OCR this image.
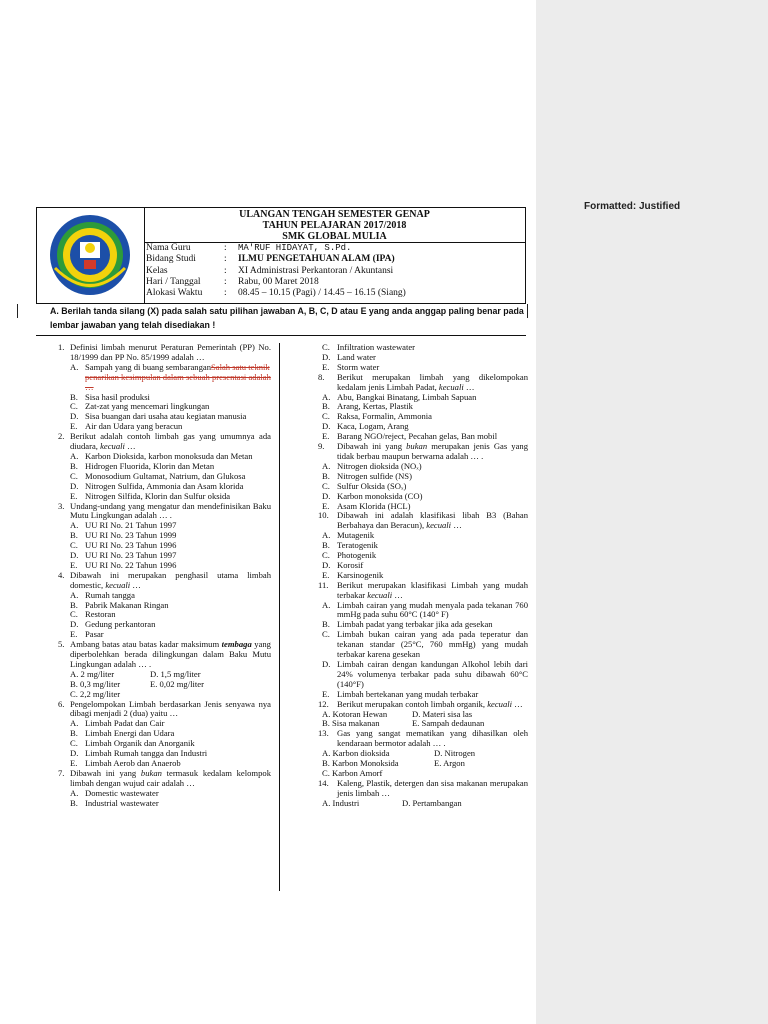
ULANGAN TENGAH SEMESTER GENAP
TAHUN PELAJARAN 2017/2018
SMK GLOBAL MULIA
Nama Guru	: MA'RUF HIDAYAT, S.Pd.
Bidang Studi	: ILMU PENGETAHUAN ALAM (IPA)
Kelas	: XI Administrasi Perkantoran / Akuntansi
Hari / Tanggal : Rabu, 00 Maret 2018
Alokasi Waktu : 08.45 – 10.15 (Pagi) / 14.45 – 16.15 (Siang)
A. Berilah tanda silang (X) pada salah satu pilihan jawaban A, B, C, D atau E yang anda anggap paling benar pada lembar jawaban yang telah disediakan !
1. Definisi limbah menurut Peraturan Pemerintah (PP) No. 18/1999 dan PP No. 85/1999 adalah …
A. Sampah yang di buang sembaranganSalah satu teknik penarikan kesimpulan dalam sebuah presentasi adalah …
B. Sisa hasil produksi
C. Zat-zat yang mencemari lingkungan
D. Sisa buangan dari usaha atau kegiatan manusia
E. Air dan Udara yang beracun
2. Berikut adalah contoh limbah gas yang umumnya ada diudara, kecuali …
A. Karbon Dioksida, karbon monoksuda dan Metan
B. Hidrogen Fluorida, Klorin dan Metan
C. Monosodium Gultamat, Natrium, dan Glukosa
D. Nitrogen Sulfida, Ammonia dan Asam klorida
E. Nitrogen Silfida, Klorin dan Sulfur oksida
3. Undang-undang yang mengatur dan mendefinisikan Baku Mutu Lingkungan adalah … .
A. UU RI No. 21 Tahun 1997
B. UU RI No. 23 Tahun 1999
C. UU RI No. 23 Tahun 1996
D. UU RI No. 23 Tahun 1997
E. UU RI No. 22 Tahun 1996
4. Dibawah ini merupakan penghasil utama limbah domestic, kecuali …
A. Rumah tangga
B. Pabrik Makanan Ringan
C. Restoran
D. Gedung perkantoran
E. Pasar
5. Ambang batas atau batas kadar maksimum tembaga yang diperbolehkan berada dilingkungan dalam Baku Mutu Lingkungan adalah … .
A. 2 mg/liter	D. 1,5 mg/liter
B. 0,3 mg/liter	E. 0,02 mg/liter
C. 2,2 mg/liter
6. Pengelompokan Limbah berdasarkan Jenis senyawa nya dibagi menjadi 2 (dua) yaitu …
A. Limbah Padat dan Cair
B. Limbah Energi dan Udara
C. Limbah Organik dan Anorganik
D. Limbah Rumah tangga dan Industri
E. Limbah Aerob dan Anaerob
7. Dibawah ini yang bukan termasuk kedalam kelompok limbah dengan wujud cair adalah …
A. Domestic wastewater
B. Industrial wastewater
C. Infiltration wastewater
D. Land water
E. Storm water
8. Berikut merupakan limbah yang dikelompokan kedalam jenis Limbah Padat, kecuali …
A. Abu, Bangkai Binatang, Limbah Sapuan
B. Arang, Kertas, Plastik
C. Raksa, Formalin, Ammonia
D. Kaca, Logam, Arang
E. Barang NGO/reject, Pecahan gelas, Ban mobil
9. Dibawah ini yang bukan merupakan jenis Gas yang tidak berbau maupun berwarna adalah … .
A. Nitrogen dioksida (NOₓ)
B. Nitrogen sulfide (NS)
C. Sulfur Oksida (SOₓ)
D. Karbon monoksida (CO)
E. Asam Klorida (HCL)
10. Dibawah ini adalah klasifikasi libah B3 (Bahan Berbahaya dan Beracun), kecuali …
A. Mutagenik
B. Teratogenik
C. Photogenik
D. Korosif
E. Karsinogenik
11. Berikut merupakan klasifikasi Limbah yang mudah terbakar kecuali …
A. Limbah cairan yang mudah menyala pada tekanan 760 mmHg pada suhu 60°C (140° F)
B. Limbah padat yang terbakar jika ada gesekan
C. Limbah bukan cairan yang ada pada teperatur dan tekanan standar (25°C, 760 mmHg) yang mudah terbakar karena gesekan
D. Limbah cairan dengan kandungan Alkohol lebih dari 24% volumenya terbakar pada suhu dibawah 60°C (140°F)
E. Limbah bertekanan yang mudah terbakar
12. Berikut merupakan contoh limbah organik, kecuali …
A. Kotoran Hewan	D. Materi sisa las
B. Sisa makanan	E. Sampah dedaunan
13. Gas yang sangat mematikan yang dihasilkan oleh kendaraan bermotor adalah … .
A. Karbon dioksida	D. Nitrogen
B. Karbon Monoksida	E. Argon
C. Karbon Amorf
14. Kaleng, Plastik, detergen dan sisa makanan merupakan jenis limbah …
A. Industri	D. Pertambangan
Formatted: Justified
